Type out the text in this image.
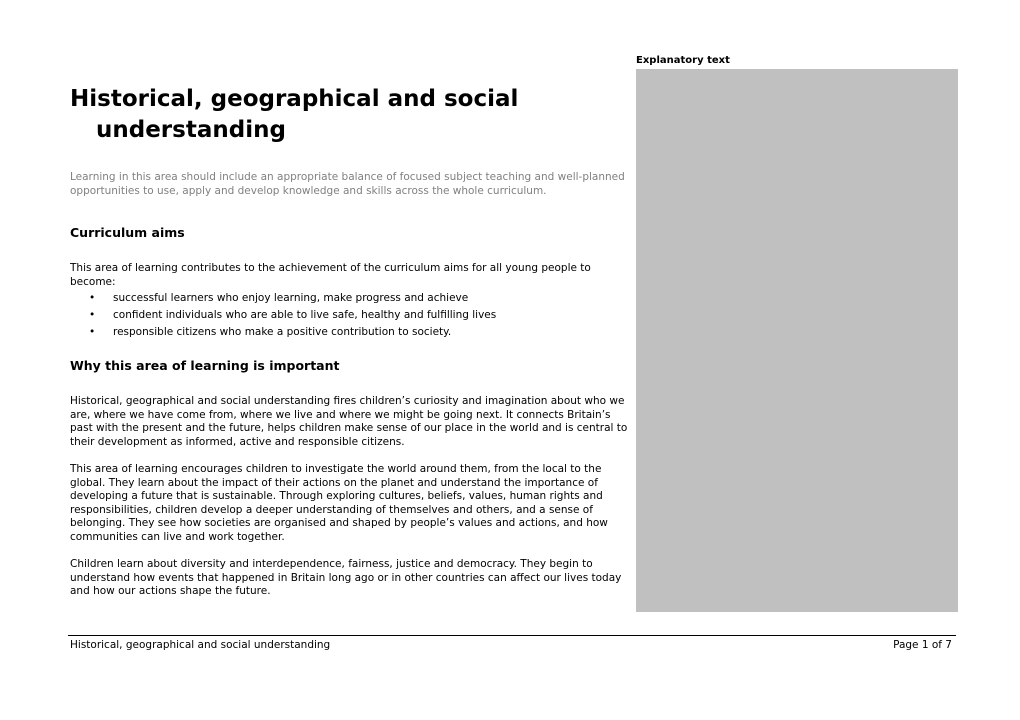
Explanatory text
Historical, geographical and social understanding

Learning in this area should include an appropriate balance of focused subject teaching and well-planned opportunities to use, apply and develop knowledge and skills across the whole curriculum.

Curriculum aims

This area of learning contributes to the achievement of the curriculum aims for all young people to become:

• successful learners who enjoy learning, make progress and achieve
• confident individuals who are able to live safe, healthy and fulfilling lives
• responsible citizens who make a positive contribution to society.
Why this area of learning is important

Historical, geographical and social understanding fires children’s curiosity and imagination about who we are, where we have come from, where we live and where we might be going next. It connects Britain’s past with the present and the future, helps children make sense of our place in the world and is central to their development as informed, active and responsible citizens.

This area of learning encourages children to investigate the world around them, from the local to the global. They learn about the impact of their actions on the planet and understand the importance of developing a future that is sustainable. Through exploring cultures, beliefs, values, human rights and responsibilities, children develop a deeper understanding of themselves and others, and a sense of belonging. They see how societies are organised and shaped by people’s values and actions, and how communities can live and work together.

Children learn about diversity and interdependence, fairness, justice and democracy. They begin to understand how events that happened in Britain long ago or in other countries can affect our lives today and how our actions shape the future.

Historical, geographical and social understanding	Page 1 of 7
